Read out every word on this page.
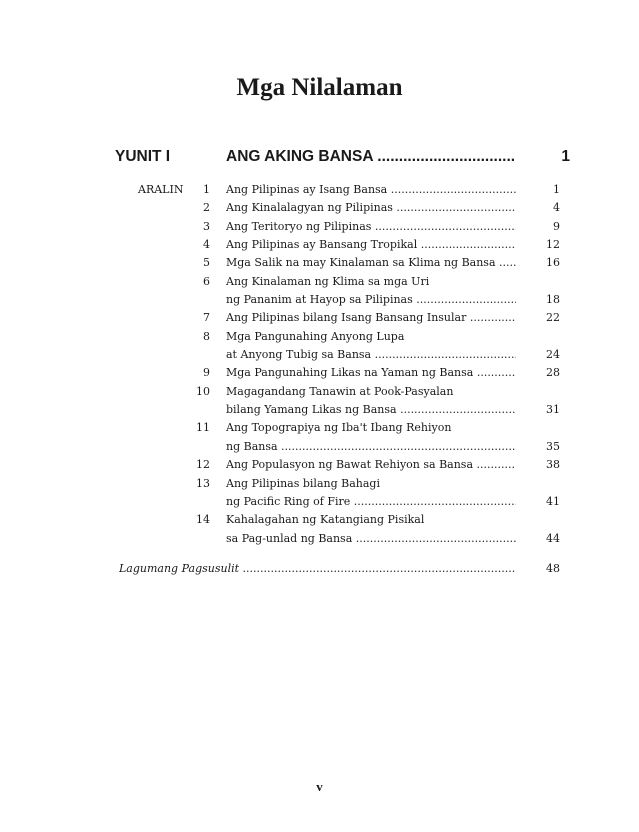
Mga Nilalaman
YUNIT I	ANG AKING BANSA ................................	1
ARALIN	1 Ang Pilipinas ay Isang Bansa .....	1
2 Ang Kinalalagyan ng Pilipinas .....	4
3 Ang Teritoryo ng Pilipinas .....	9
4 Ang Pilipinas ay Bansang Tropikal .....	12
5 Mga Salik na may Kinalaman sa Klima ng Bansa .....	16
6 Ang Kinalaman ng Klima sa mga Uri
ng Pananim at Hayop sa Pilipinas .....	18
7 Ang Pilipinas bilang Isang Bansang Insular .....	22
8 Mga Pangunahing Anyong Lupa
at Anyong Tubig sa Bansa .....	24
9 Mga Pangunahing Likas na Yaman ng Bansa .....	28
10 Magagandang Tanawin at Pook-Pasyalan
bilang Yamang Likas ng Bansa .....	31
11 Ang Topograpiya ng Iba't Ibang Rehiyon
ng Bansa .....	35
12 Ang Populasyon ng Bawat Rehiyon sa Bansa .....	38
13 Ang Pilipinas bilang Bahagi
ng Pacific Ring of Fire .....	41
14 Kahalagahan ng Katangiang Pisikal
sa Pag-unlad ng Bansa .....	44
Lagumang Pagsusulit .....	48
v
